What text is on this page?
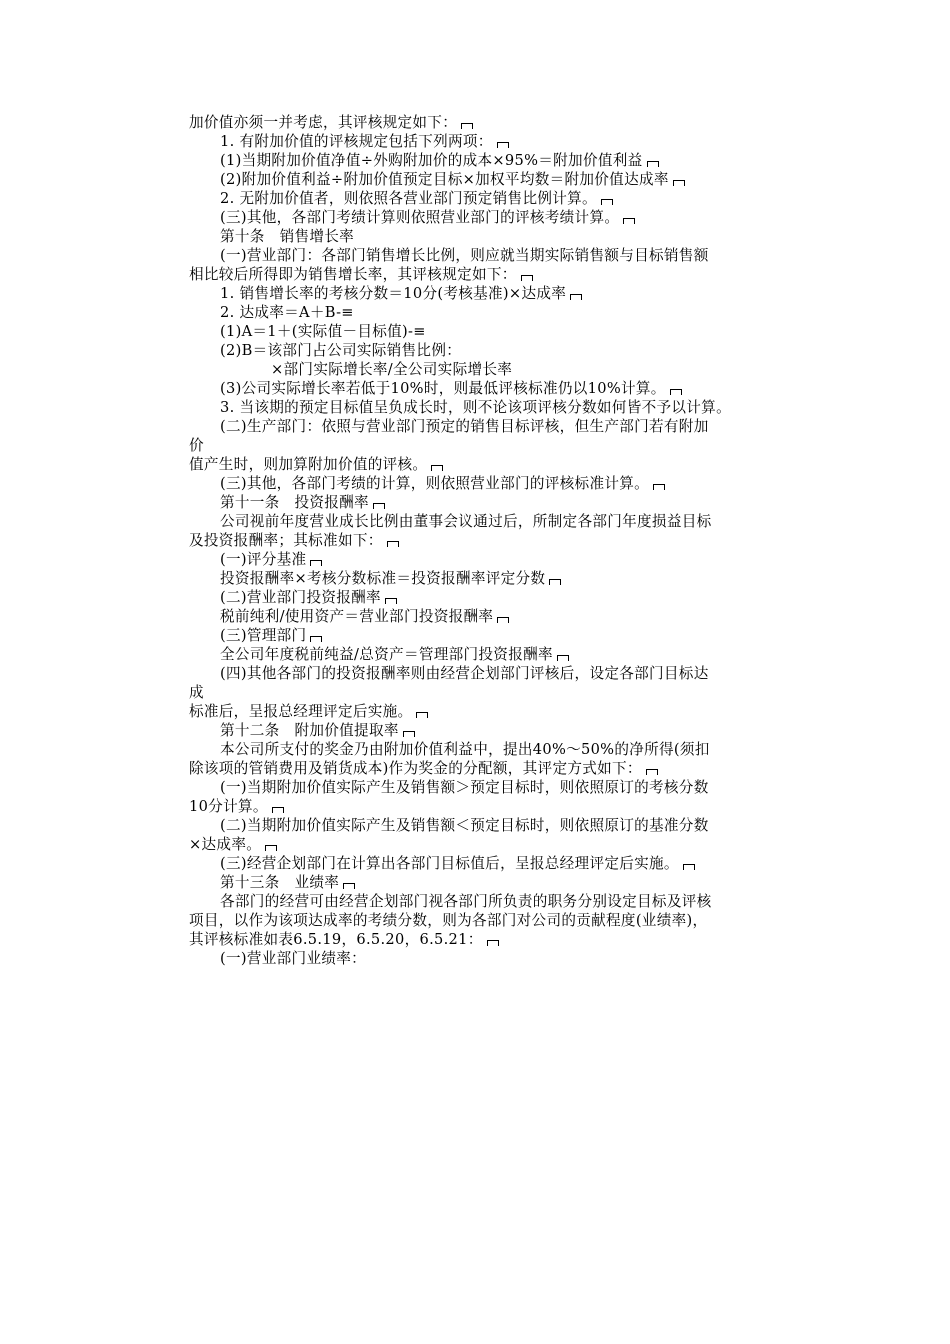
加价值亦须一并考虑，其评核规定如下：
1. 有附加价值的评核规定包括下列两项：
(1)当期附加价值净值÷外购附加价的成本×95%＝附加价值利益
(2)附加价值利益÷附加价值预定目标×加权平均数＝附加价值达成率
2. 无附加价值者，则依照各营业部门预定销售比例计算。
(三)其他，各部门考绩计算则依照营业部门的评核考绩计算。
第十条　销售增长率
(一)营业部门：各部门销售增长比例，则应就当期实际销售额与目标销售额
相比较后所得即为销售增长率，其评核规定如下：
1. 销售增长率的考核分数＝10分(考核基准)×达成率
2. 达成率＝A＋B-≡
(1)A＝1＋(实际值－目标值)-≡
(2)B＝该部门占公司实际销售比例：
×部门实际增长率/全公司实际增长率
(3)公司实际增长率若低于10%时，则最低评核标准仍以10%计算。
3. 当该期的预定目标值呈负成长时，则不论该项评核分数如何皆不予以计算。
(二)生产部门：依照与营业部门预定的销售目标评核，但生产部门若有附加
价
值产生时，则加算附加价值的评核。
(三)其他，各部门考绩的计算，则依照营业部门的评核标准计算。
第十一条　投资报酬率
公司视前年度营业成长比例由董事会议通过后，所制定各部门年度损益目标
及投资报酬率；其标准如下：
(一)评分基准
投资报酬率×考核分数标准＝投资报酬率评定分数
(二)营业部门投资报酬率
税前纯利/使用资产＝营业部门投资报酬率
(三)管理部门
全公司年度税前纯益/总资产＝管理部门投资报酬率
(四)其他各部门的投资报酬率则由经营企划部门评核后，设定各部门目标达
成
标准后，呈报总经理评定后实施。
第十二条　附加价值提取率
本公司所支付的奖金乃由附加价值利益中，提出40%～50%的净所得(须扣
除该项的管销费用及销货成本)作为奖金的分配额，其评定方式如下：
(一)当期附加价值实际产生及销售额＞预定目标时，则依照原订的考核分数
10分计算。
(二)当期附加价值实际产生及销售额＜预定目标时，则依照原订的基准分数
×达成率。
(三)经营企划部门在计算出各部门目标值后，呈报总经理评定后实施。
第十三条　业绩率
各部门的经营可由经营企划部门视各部门所负责的职务分别设定目标及评核
项目，以作为该项达成率的考绩分数，则为各部门对公司的贡献程度(业绩率)，
其评核标准如表6.5.19，6.5.20，6.5.21：
(一)营业部门业绩率：
